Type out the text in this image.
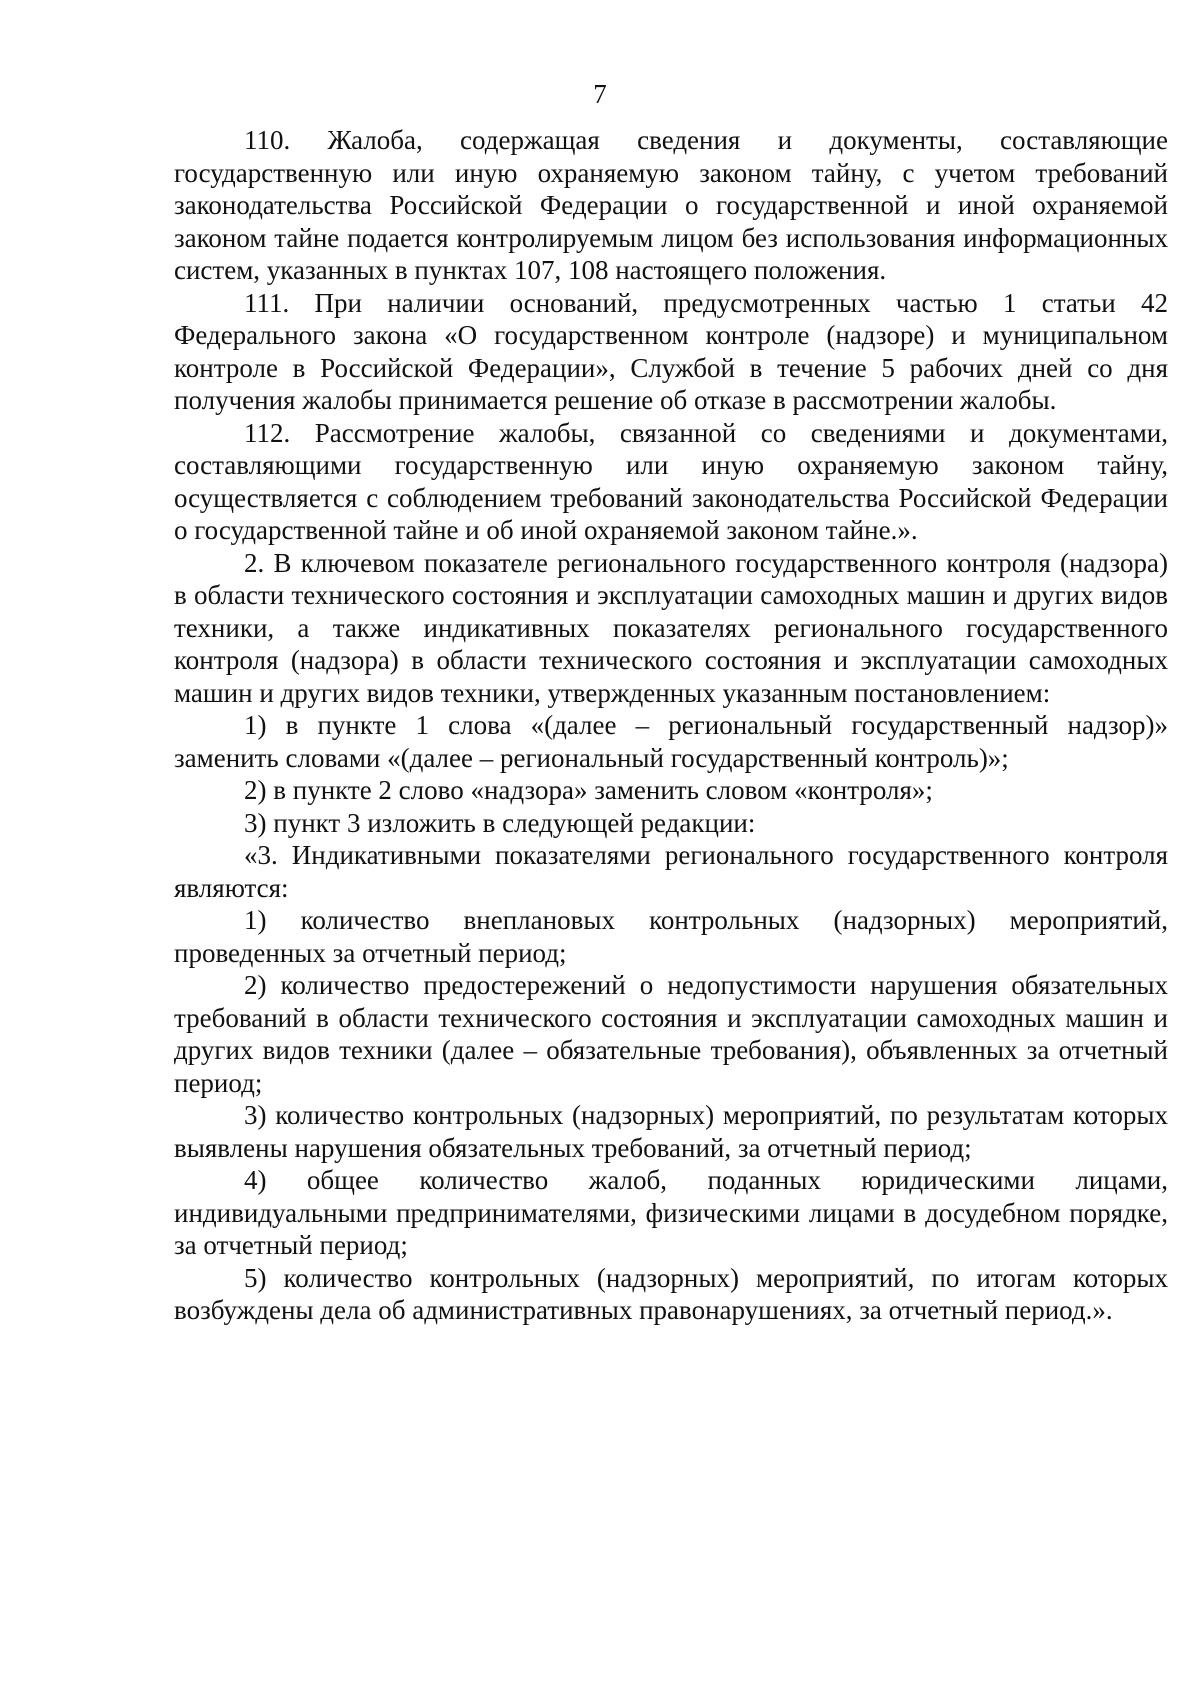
7

110. Жалоба, содержащая сведения и документы, составляющие государственную или иную охраняемую законом тайну, с учетом требований законодательства Российской Федерации о государственной и иной охраняемой законом тайне подается контролируемым лицом без использования информационных систем, указанных в пунктах 107, 108 настоящего положения.

111. При наличии оснований, предусмотренных частью 1 статьи 42 Федерального закона «О государственном контроле (надзоре) и муниципальном контроле в Российской Федерации», Службой в течение 5 рабочих дней со дня получения жалобы принимается решение об отказе в рассмотрении жалобы.

112. Рассмотрение жалобы, связанной со сведениями и документами, составляющими государственную или иную охраняемую законом тайну, осуществляется с соблюдением требований законодательства Российской Федерации о государственной тайне и об иной охраняемой законом тайне.».

2. В ключевом показателе регионального государственного контроля (надзора) в области технического состояния и эксплуатации самоходных машин и других видов техники, а также индикативных показателях регионального государственного контроля (надзора) в области технического состояния и эксплуатации самоходных машин и других видов техники, утвержденных указанным постановлением:

1) в пункте 1 слова «(далее – региональный государственный надзор)» заменить словами «(далее – региональный государственный контроль)»;

2) в пункте 2 слово «надзора» заменить словом «контроля»;

3) пункт 3 изложить в следующей редакции:

«3. Индикативными показателями регионального государственного контроля являются:

1) количество внеплановых контрольных (надзорных) мероприятий, проведенных за отчетный период;

2) количество предостережений о недопустимости нарушения обязательных требований в области технического состояния и эксплуатации самоходных машин и других видов техники (далее – обязательные требования), объявленных за отчетный период;

3) количество контрольных (надзорных) мероприятий, по результатам которых выявлены нарушения обязательных требований, за отчетный период;

4) общее количество жалоб, поданных юридическими лицами, индивидуальными предпринимателями, физическими лицами в досудебном порядке, за отчетный период;

5) количество контрольных (надзорных) мероприятий, по итогам которых возбуждены дела об административных правонарушениях, за отчетный период.».
